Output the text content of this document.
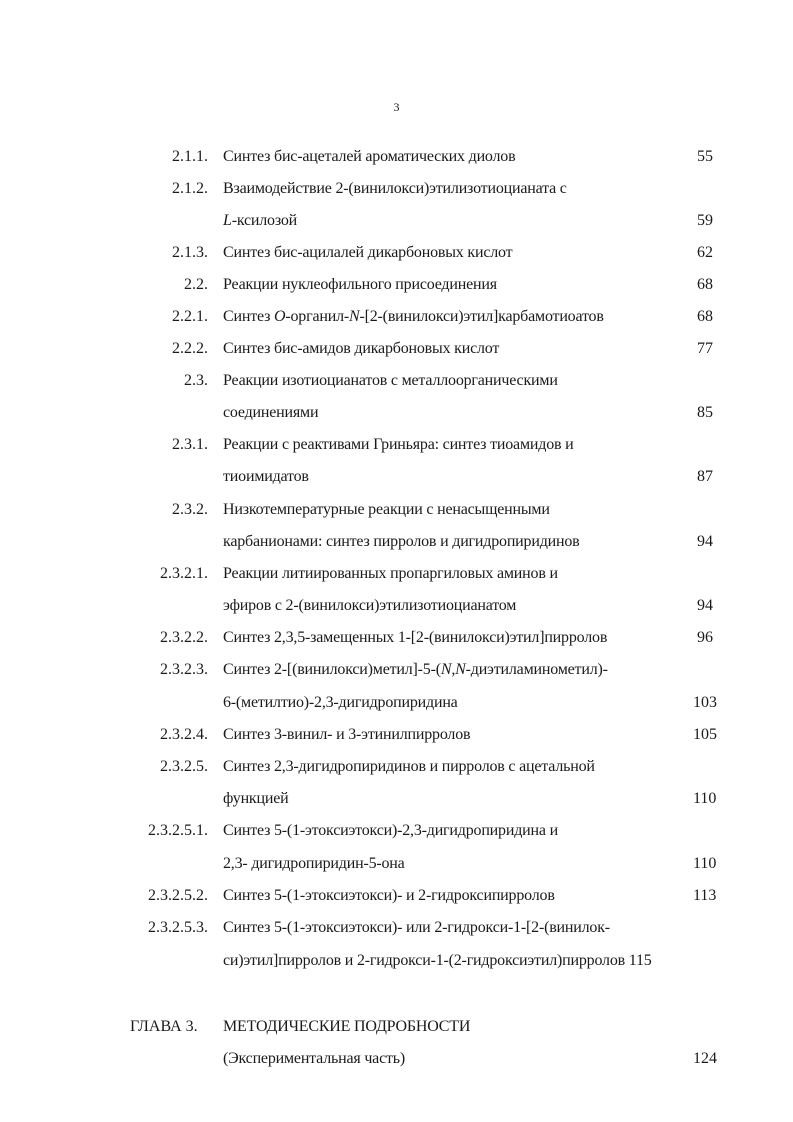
3
2.1.1. Синтез бис-ацеталей ароматических диолов	55
2.1.2. Взаимодействие 2-(винилокси)этилизотиоцианата с
L-ксилозой	59
2.1.3. Синтез бис-ацилалей дикарбоновых кислот	62
2.2. Реакции нуклеофильного присоединения	68
2.2.1. Синтез O-органил-N-[2-(винилокси)этил]карбамотиоатов	68
2.2.2. Синтез бис-амидов дикарбоновых кислот	77
2.3. Реакции изотиоцианатов с металлоорганическими
соединениями	85
2.3.1. Реакции с реактивами Гриньяра: синтез тиоамидов и
тиоимидатов	87
2.3.2. Низкотемпературные реакции с ненасыщенными
карбанионами: синтез пирролов и дигидропиридинов	94
2.3.2.1. Реакции литиированных пропаргиловых аминов и
эфиров с 2-(винилокси)этилизотиоцианатом	94
2.3.2.2. Синтез 2,3,5-замещенных 1-[2-(винилокси)этил]пирролов	96
2.3.2.3. Синтез 2-[(винилокси)метил]-5-(N,N-диэтиламинометил)-
6-(метилтио)-2,3-дигидропиридина	103
2.3.2.4. Синтез 3-винил- и 3-этинилпирролов	105
2.3.2.5. Синтез 2,3-дигидропиридинов и пирролов с ацетальной
функцией	110
2.3.2.5.1. Синтез 5-(1-этоксиэтокси)-2,3-дигидропиридина и
2,3- дигидропиридин-5-она	110
2.3.2.5.2. Синтез 5-(1-этоксиэтокси)- и 2-гидроксипирролов	113
2.3.2.5.3. Синтез 5-(1-этоксиэтокси)- или 2-гидрокси-1-[2-(винилок-
си)этил]пирролов и 2-гидрокси-1-(2-гидроксиэтил)пирролов 115
ГЛАВА 3. МЕТОДИЧЕСКИЕ ПОДРОБНОСТИ
(Экспериментальная часть)	124
